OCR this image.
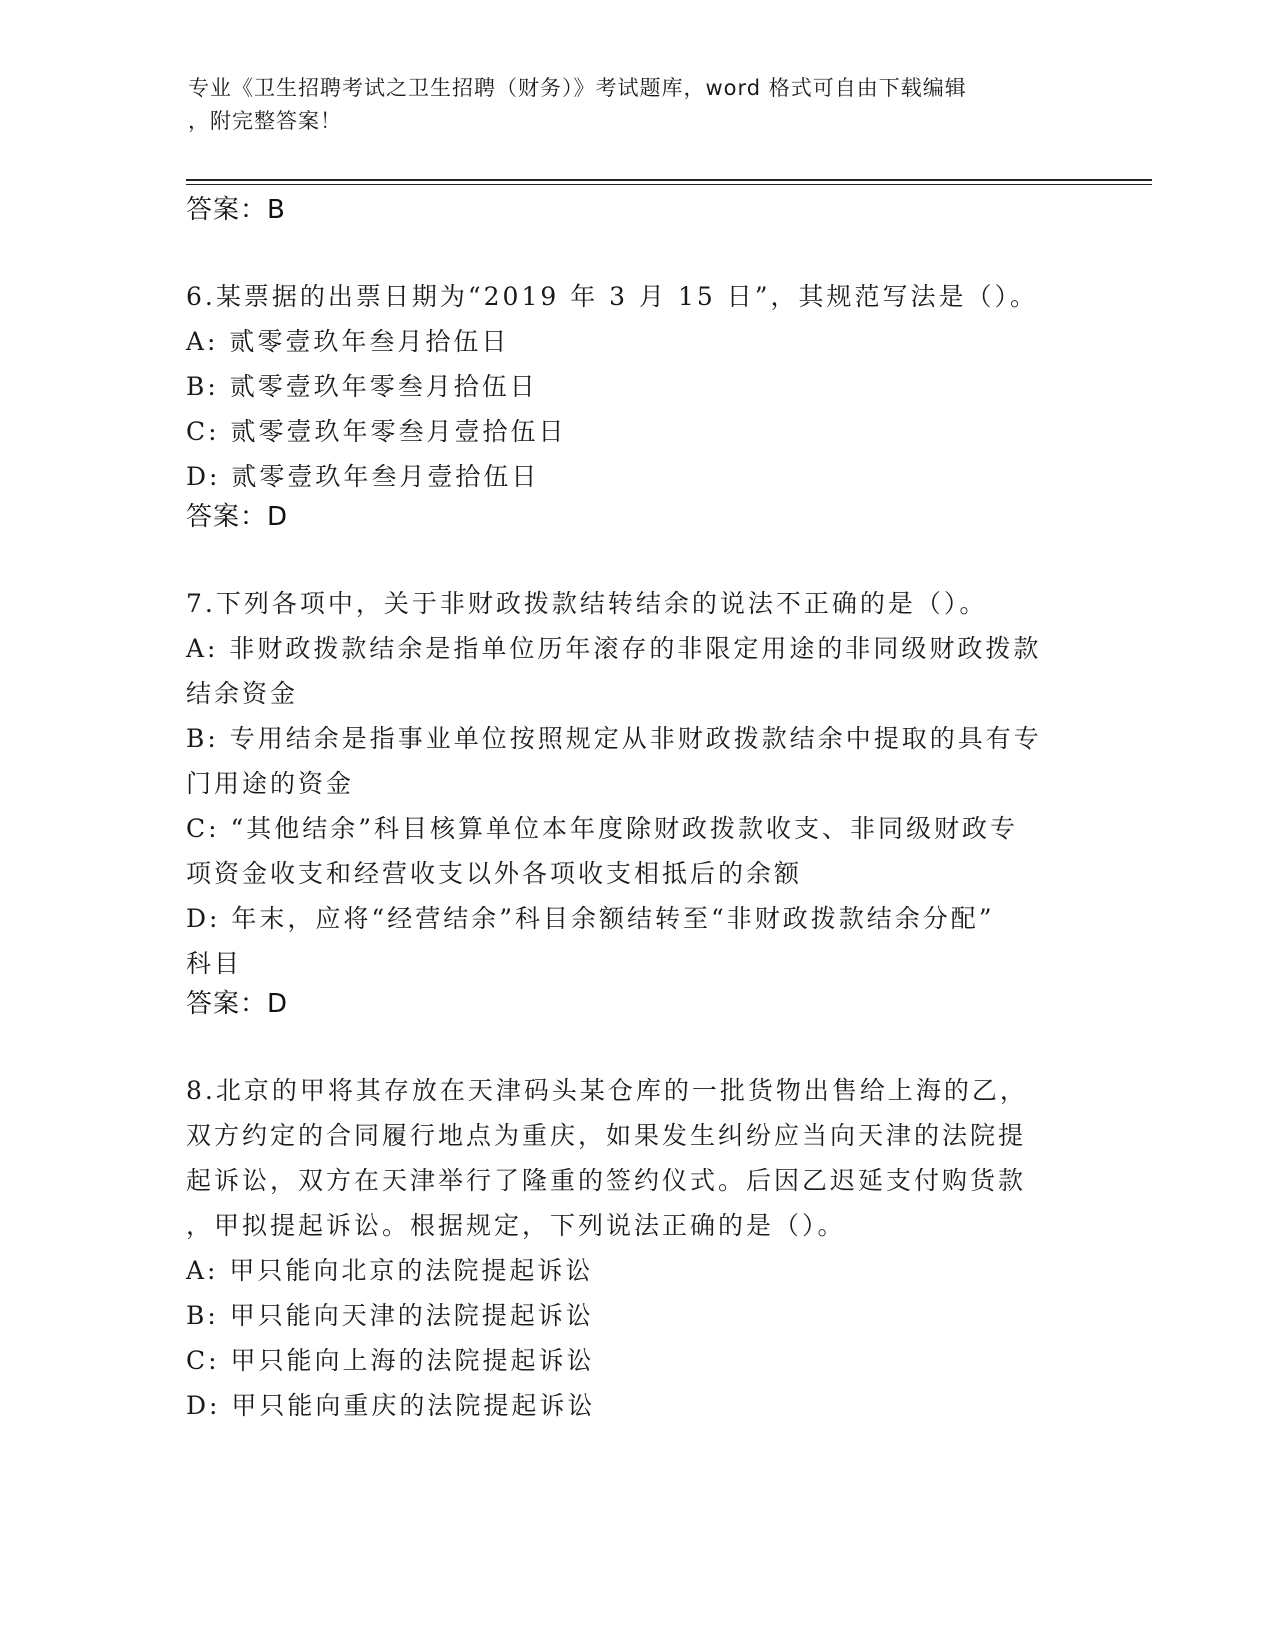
专业《卫生招聘考试之卫生招聘（财务）》考试题库，word 格式可自由下载编辑
，附完整答案！
答案：B
6.某票据的出票日期为“2019 年 3 月 15 日”，其规范写法是（）。
A: 贰零壹玖年叁月拾伍日
B: 贰零壹玖年零叁月拾伍日
C: 贰零壹玖年零叁月壹拾伍日
D: 贰零壹玖年叁月壹拾伍日
答案：D
7.下列各项中，关于非财政拨款结转结余的说法不正确的是（）。
A: 非财政拨款结余是指单位历年滚存的非限定用途的非同级财政拨款
结余资金
B: 专用结余是指事业单位按照规定从非财政拨款结余中提取的具有专
门用途的资金
C: “其他结余”科目核算单位本年度除财政拨款收支、非同级财政专
项资金收支和经营收支以外各项收支相抵后的余额
D: 年末，应将“经营结余”科目余额结转至“非财政拨款结余分配”
科目
答案：D
8.北京的甲将其存放在天津码头某仓库的一批货物出售给上海的乙，
双方约定的合同履行地点为重庆，如果发生纠纷应当向天津的法院提
起诉讼，双方在天津举行了隆重的签约仪式。后因乙迟延支付购货款
，甲拟提起诉讼。根据规定，下列说法正确的是（）。
A: 甲只能向北京的法院提起诉讼
B: 甲只能向天津的法院提起诉讼
C: 甲只能向上海的法院提起诉讼
D: 甲只能向重庆的法院提起诉讼
